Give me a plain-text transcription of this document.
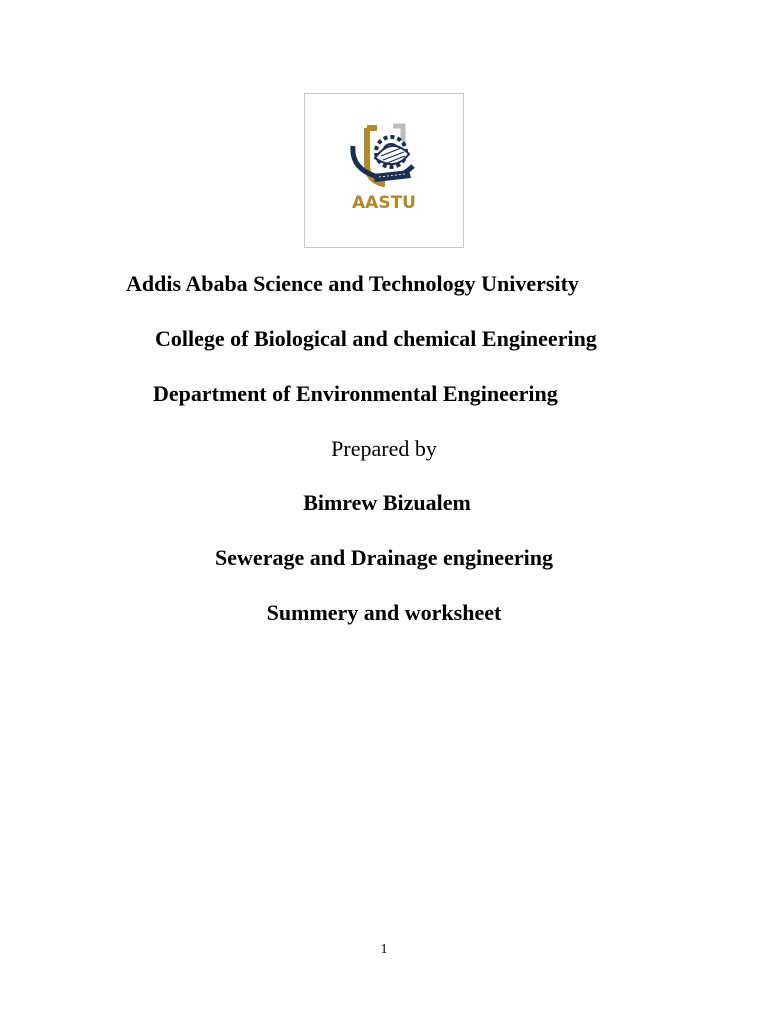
AASTU
Addis Ababa Science and Technology University
College of Biological and chemical Engineering
Department of Environmental Engineering
Prepared by
Bimrew Bizualem
Sewerage and Drainage engineering
Summery and worksheet
1
